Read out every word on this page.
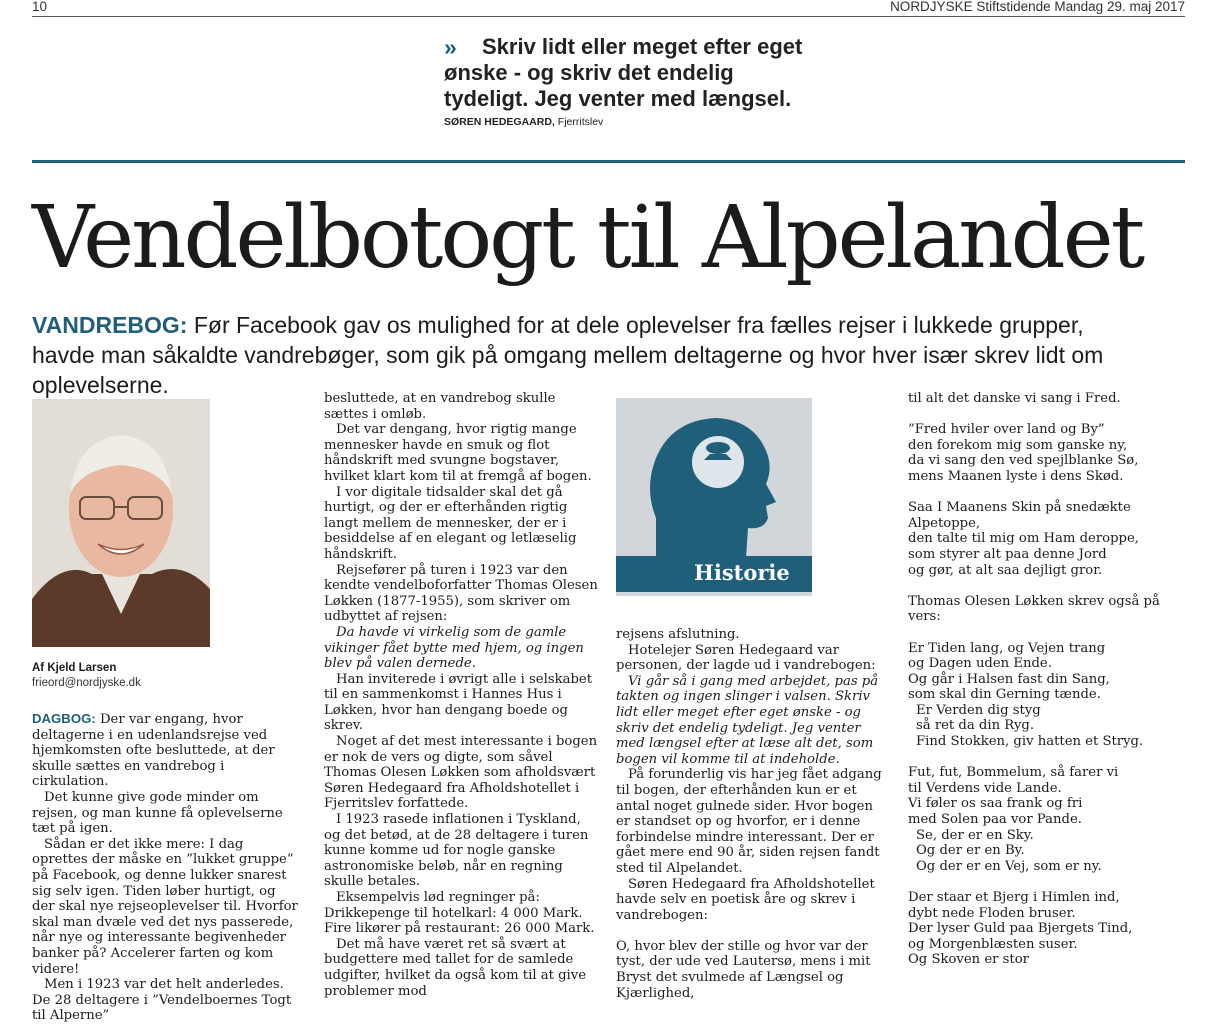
10	NORDJYSKE Stiftstidende Mandag 29. maj 2017
»	Skriv lidt eller meget efter eget ønske - og skriv det endelig tydeligt. Jeg venter med længsel.

SØREN HEDEGAARD, Fjerritslev
Vendelbotogt til Alpelandet
VANDREBOG: Før Facebook gav os mulighed for at dele oplevelser fra fælles rejser i lukkede grupper, havde man såkaldte vandrebøger, som gik på omgang mellem deltagerne og hvor hver især skrev lidt om oplevelserne.
Af Kjeld Larsen
frieord@nordjyske.dk

DAGBOG: Der var engang, hvor deltagerne i en udenlandsrejse ved hjemkomsten ofte besluttede, at der skulle sættes en vandrebog i cirkulation.

Det kunne give gode minder om rejsen, og man kunne få oplevelserne tæt på igen.

Sådan er det ikke mere: I dag oprettes der måske en ”lukket gruppe” på Facebook, og denne lukker snarest sig selv igen. Tiden løber hurtigt, og der skal nye rejseoplevelser til. Hvorfor skal man dvæle ved det nys passerede, når nye og interessante begivenheder banker på? Accelerer farten og kom videre!

Men i 1923 var det helt anderledes. De 28 deltagere i ”Vendelboernes Togt til Alperne”

besluttede, at en vandrebog skulle sættes i omløb.

Det var dengang, hvor rigtig mange mennesker havde en smuk og flot håndskrift med svungne bogstaver, hvilket klart kom til at fremgå af bogen.

I vor digitale tidsalder skal det gå hurtigt, og der er efterhånden rigtig langt mellem de mennesker, der er i besiddelse af en elegant og letlæselig håndskrift.

Rejsefører på turen i 1923 var den kendte vendelboforfatter Thomas Olesen Løkken (1877-1955), som skriver om udbyttet af rejsen:

Da havde vi virkelig som de gamle vikinger fået bytte med hjem, og ingen blev på valen dernede.

Han inviterede i øvrigt alle i selskabet til en sammenkomst i Hannes Hus i Løkken, hvor han dengang boede og skrev.

Noget af det mest interessante i bogen er nok de vers og digte, som såvel Thomas Olesen Løkken som afholdsvært Søren Hedegaard fra Afholdshotellet i Fjerritslev forfattede.

I 1923 rasede inflationen i Tyskland, og det betød, at de 28 deltagere i turen kunne komme ud for nogle ganske astronomiske beløb, når en regning skulle betales.

Eksempelvis lød regninger på: Drikkepenge til hotelkarl: 4 000 Mark. Fire likører på restaurant: 26 000 Mark.

Det må have været ret så svært at budgettere med tallet for de samlede udgifter, hvilket da også kom til at give problemer mod

Historie

rejsens afslutning.

Hotelejer Søren Hedegaard var personen, der lagde ud i vandrebogen:

Vi går så i gang med arbejdet, pas på takten og ingen slinger i valsen. Skriv lidt eller meget efter eget ønske - og skriv det endelig tydeligt. Jeg venter med længsel efter at læse alt det, som bogen vil komme til at indeholde.

På forunderlig vis har jeg fået adgang til bogen, der efterhånden kun er et antal noget gulnede sider. Hvor bogen er standset op og hvorfor, er i denne forbindelse mindre interessant. Der er gået mere end 90 år, siden rejsen fandt sted til Alpelandet.

Søren Hedegaard fra Afholdshotellet havde selv en poetisk åre og skrev i vandrebogen:

O, hvor blev der stille og hvor var der tyst, der ude ved Lautersø, mens i mit Bryst det svulmede af Længsel og Kjærlighed,

til alt det danske vi sang i Fred.

”Fred hviler over land og By”

den forekom mig som ganske ny,

da vi sang den ved spejlblanke Sø,

mens Maanen lyste i dens Skød.

Saa I Maanens Skin på snedækte Alpetoppe,

den talte til mig om Ham deroppe,

som styrer alt paa denne Jord

og gør, at alt saa dejligt gror.

Thomas Olesen Løkken skrev også på vers:

Er Tiden lang, og Vejen trang

og Dagen uden Ende.

Og går i Halsen fast din Sang,

som skal din Gerning tænde.

Er Verden dig styg

så ret da din Ryg.

Find Stokken, giv hatten et Stryg.

Fut, fut, Bommelum, så farer vi

til Verdens vide Lande.

Vi føler os saa frank og fri

med Solen paa vor Pande.

Se, der er en Sky.

Og der er en By.

Og der er en Vej, som er ny.

Der staar et Bjerg i Himlen ind,

dybt nede Floden bruser.

Der lyser Guld paa Bjergets Tind,

og Morgenblæsten suser.

Og Skoven er stor
